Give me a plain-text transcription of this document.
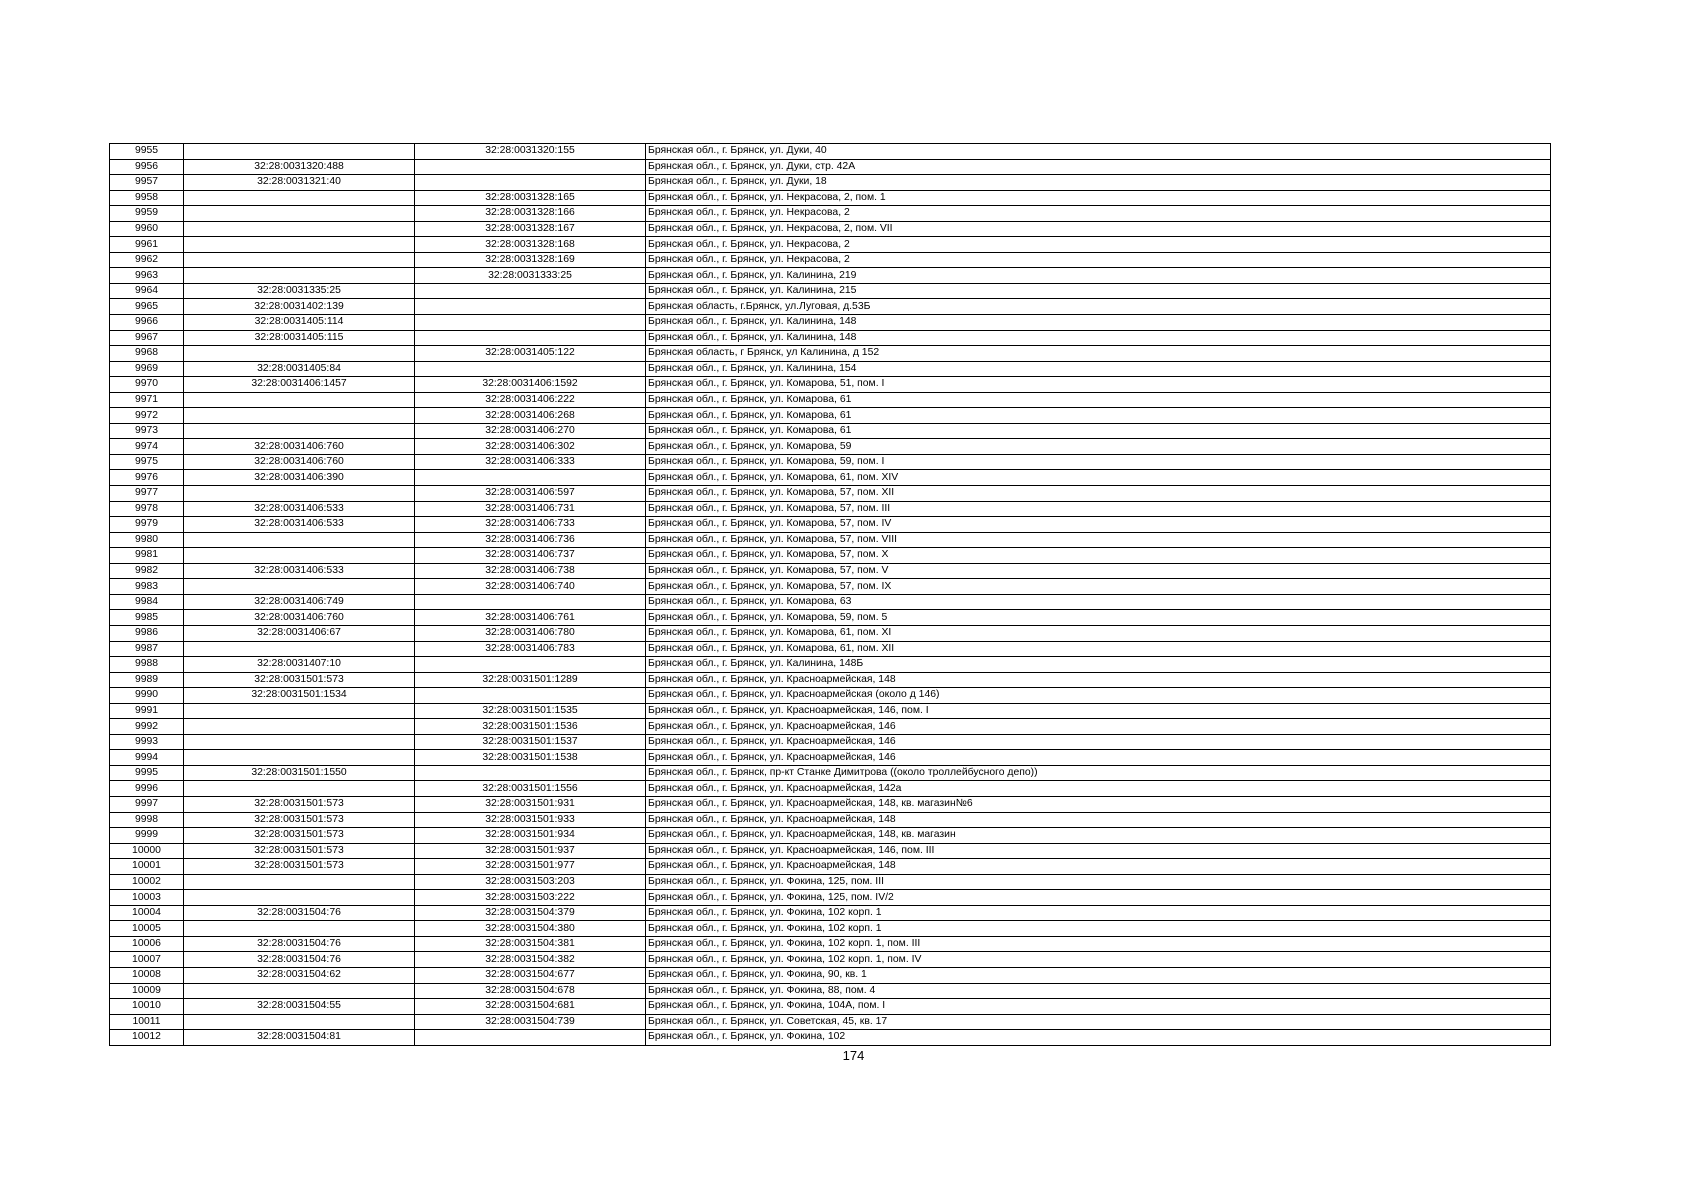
9955		32:28:0031320:155	Брянская обл., г. Брянск, ул. Дуки, 40
9956	32:28:0031320:488		Брянская обл., г. Брянск, ул. Дуки, стр. 42А
9957	32:28:0031321:40		Брянская обл., г. Брянск, ул. Дуки, 18
9958		32:28:0031328:165	Брянская обл., г. Брянск, ул. Некрасова, 2, пом. 1
9959		32:28:0031328:166	Брянская обл., г. Брянск, ул. Некрасова, 2
9960		32:28:0031328:167	Брянская обл., г. Брянск, ул. Некрасова, 2, пом. VII
9961		32:28:0031328:168	Брянская обл., г. Брянск, ул. Некрасова, 2
9962		32:28:0031328:169	Брянская обл., г. Брянск, ул. Некрасова, 2
9963		32:28:0031333:25	Брянская обл., г. Брянск, ул. Калинина, 219
9964	32:28:0031335:25		Брянская обл., г. Брянск, ул. Калинина, 215
9965	32:28:0031402:139		Брянская область, г.Брянск, ул.Луговая, д.53Б
9966	32:28:0031405:114		Брянская обл., г. Брянск, ул. Калинина, 148
9967	32:28:0031405:115		Брянская обл., г. Брянск, ул. Калинина, 148
9968		32:28:0031405:122	Брянская область, г Брянск, ул Калинина, д 152
9969	32:28:0031405:84		Брянская обл., г. Брянск, ул. Калинина, 154
9970	32:28:0031406:1457	32:28:0031406:1592	Брянская обл., г. Брянск, ул. Комарова, 51, пом. I
9971		32:28:0031406:222	Брянская обл., г. Брянск, ул. Комарова, 61
9972		32:28:0031406:268	Брянская обл., г. Брянск, ул. Комарова, 61
9973		32:28:0031406:270	Брянская обл., г. Брянск, ул. Комарова, 61
9974	32:28:0031406:760	32:28:0031406:302	Брянская обл., г. Брянск, ул. Комарова, 59
9975	32:28:0031406:760	32:28:0031406:333	Брянская обл., г. Брянск, ул. Комарова, 59, пом. I
9976	32:28:0031406:390		Брянская обл., г. Брянск, ул. Комарова, 61, пом. XIV
9977		32:28:0031406:597	Брянская обл., г. Брянск, ул. Комарова, 57, пом. XII
9978	32:28:0031406:533	32:28:0031406:731	Брянская обл., г. Брянск, ул. Комарова, 57, пом. III
9979	32:28:0031406:533	32:28:0031406:733	Брянская обл., г. Брянск, ул. Комарова, 57, пом. IV
9980		32:28:0031406:736	Брянская обл., г. Брянск, ул. Комарова, 57, пом. VIII
9981		32:28:0031406:737	Брянская обл., г. Брянск, ул. Комарова, 57, пом. X
9982	32:28:0031406:533	32:28:0031406:738	Брянская обл., г. Брянск, ул. Комарова, 57, пом. V
9983		32:28:0031406:740	Брянская обл., г. Брянск, ул. Комарова, 57, пом. IX
9984	32:28:0031406:749		Брянская обл., г. Брянск, ул. Комарова, 63
9985	32:28:0031406:760	32:28:0031406:761	Брянская обл., г. Брянск, ул. Комарова, 59, пом. 5
9986	32:28:0031406:67	32:28:0031406:780	Брянская обл., г. Брянск, ул. Комарова, 61, пом. XI
9987		32:28:0031406:783	Брянская обл., г. Брянск, ул. Комарова, 61, пом. XII
9988	32:28:0031407:10		Брянская обл., г. Брянск, ул. Калинина, 148Б
9989	32:28:0031501:573	32:28:0031501:1289	Брянская обл., г. Брянск, ул. Красноармейская, 148
9990	32:28:0031501:1534		Брянская обл., г. Брянск, ул. Красноармейская (около д 146)
9991		32:28:0031501:1535	Брянская обл., г. Брянск, ул. Красноармейская, 146, пом. I
9992		32:28:0031501:1536	Брянская обл., г. Брянск, ул. Красноармейская, 146
9993		32:28:0031501:1537	Брянская обл., г. Брянск, ул. Красноармейская, 146
9994		32:28:0031501:1538	Брянская обл., г. Брянск, ул. Красноармейская, 146
9995	32:28:0031501:1550		Брянская обл., г. Брянск, пр-кт Станке Димитрова ((около троллейбусного депо))
9996		32:28:0031501:1556	Брянская обл., г. Брянск, ул. Красноармейская, 142а
9997	32:28:0031501:573	32:28:0031501:931	Брянская обл., г. Брянск, ул. Красноармейская, 148, кв. магазин№6
9998	32:28:0031501:573	32:28:0031501:933	Брянская обл., г. Брянск, ул. Красноармейская, 148
9999	32:28:0031501:573	32:28:0031501:934	Брянская обл., г. Брянск, ул. Красноармейская, 148, кв. магазин
10000	32:28:0031501:573	32:28:0031501:937	Брянская обл., г. Брянск, ул. Красноармейская, 146, пом. III
10001	32:28:0031501:573	32:28:0031501:977	Брянская обл., г. Брянск, ул. Красноармейская, 148
10002		32:28:0031503:203	Брянская обл., г. Брянск, ул. Фокина, 125, пом. III
10003		32:28:0031503:222	Брянская обл., г. Брянск, ул. Фокина, 125, пом. IV/2
10004	32:28:0031504:76	32:28:0031504:379	Брянская обл., г. Брянск, ул. Фокина, 102 корп. 1
10005		32:28:0031504:380	Брянская обл., г. Брянск, ул. Фокина, 102 корп. 1
10006	32:28:0031504:76	32:28:0031504:381	Брянская обл., г. Брянск, ул. Фокина, 102 корп. 1, пом. III
10007	32:28:0031504:76	32:28:0031504:382	Брянская обл., г. Брянск, ул. Фокина, 102 корп. 1, пом. IV
10008	32:28:0031504:62	32:28:0031504:677	Брянская обл., г. Брянск, ул. Фокина, 90, кв. 1
10009		32:28:0031504:678	Брянская обл., г. Брянск, ул. Фокина, 88, пом. 4
10010	32:28:0031504:55	32:28:0031504:681	Брянская обл., г. Брянск, ул. Фокина, 104А, пом. I
10011		32:28:0031504:739	Брянская обл., г. Брянск, ул. Советская, 45, кв. 17
10012	32:28:0031504:81		Брянская обл., г. Брянск, ул. Фокина, 102
174
